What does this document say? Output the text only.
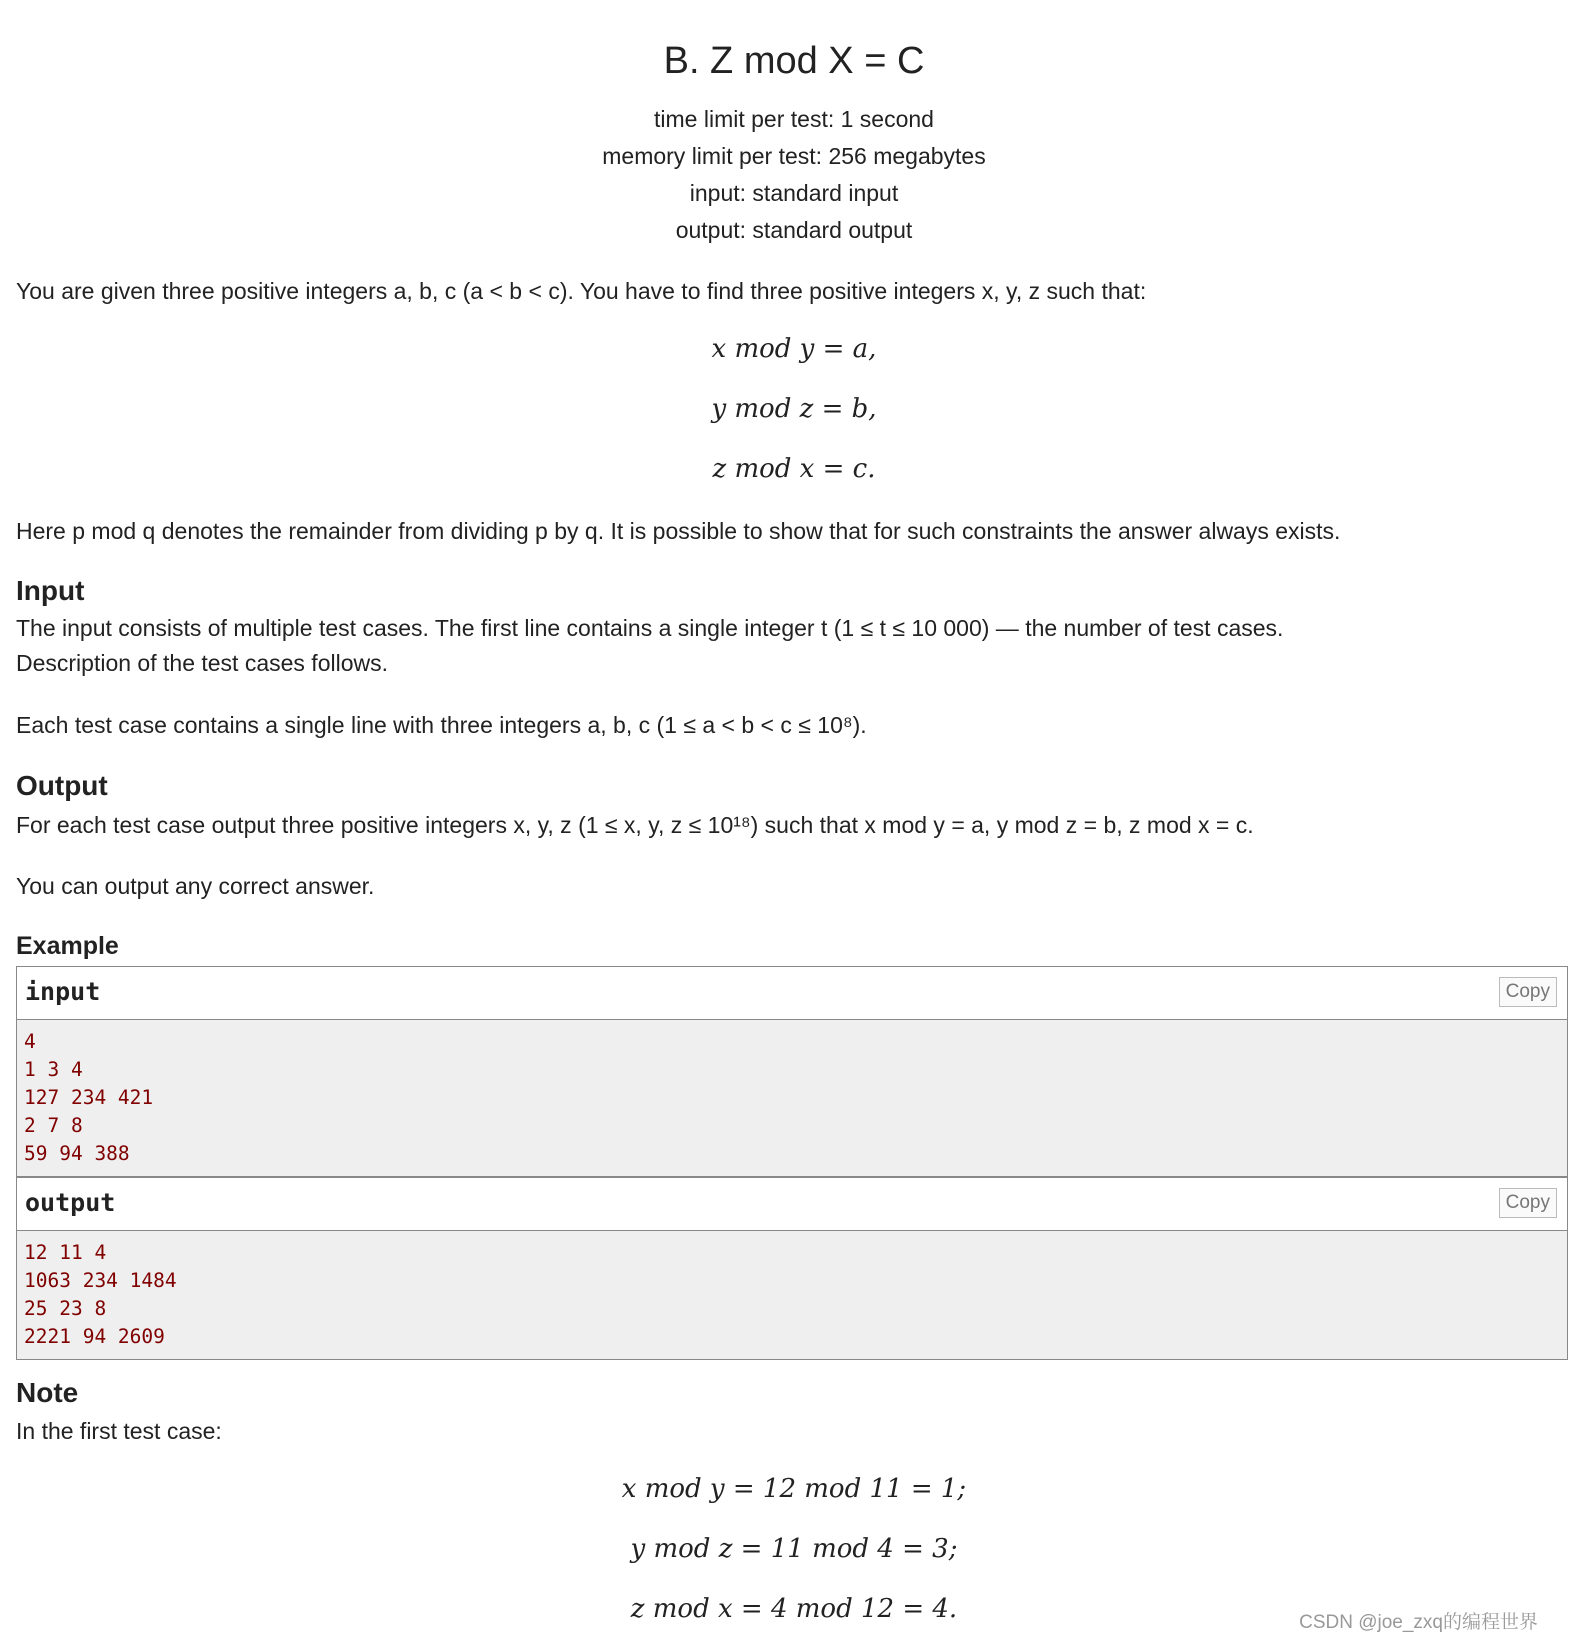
B. Z mod X = C
time limit per test: 1 second
memory limit per test: 256 megabytes
input: standard input
output: standard output
You are given three positive integers a, b, c (a < b < c). You have to find three positive integers x, y, z such that:
x mod y = a,
y mod z = b,
z mod x = c.
Here p mod q denotes the remainder from dividing p by q. It is possible to show that for such constraints the answer always exists.
Input
The input consists of multiple test cases. The first line contains a single integer t (1 ≤ t ≤ 10 000) — the number of test cases.
Description of the test cases follows.
Each test case contains a single line with three integers a, b, c (1 ≤ a < b < c ≤ 10⁸).
Output
For each test case output three positive integers x, y, z (1 ≤ x, y, z ≤ 10¹⁸) such that x mod y = a, y mod z = b, z mod x = c.
You can output any correct answer.
Example
input	Copy
4
1 3 4
127 234 421
2 7 8
59 94 388
output	Copy
12 11 4
1063 234 1484
25 23 8
2221 94 2609
Note
In the first test case:
x mod y = 12 mod 11 = 1;
y mod z = 11 mod 4 = 3;
z mod x = 4 mod 12 = 4.	CSDN @joe_zxq的编程世界
